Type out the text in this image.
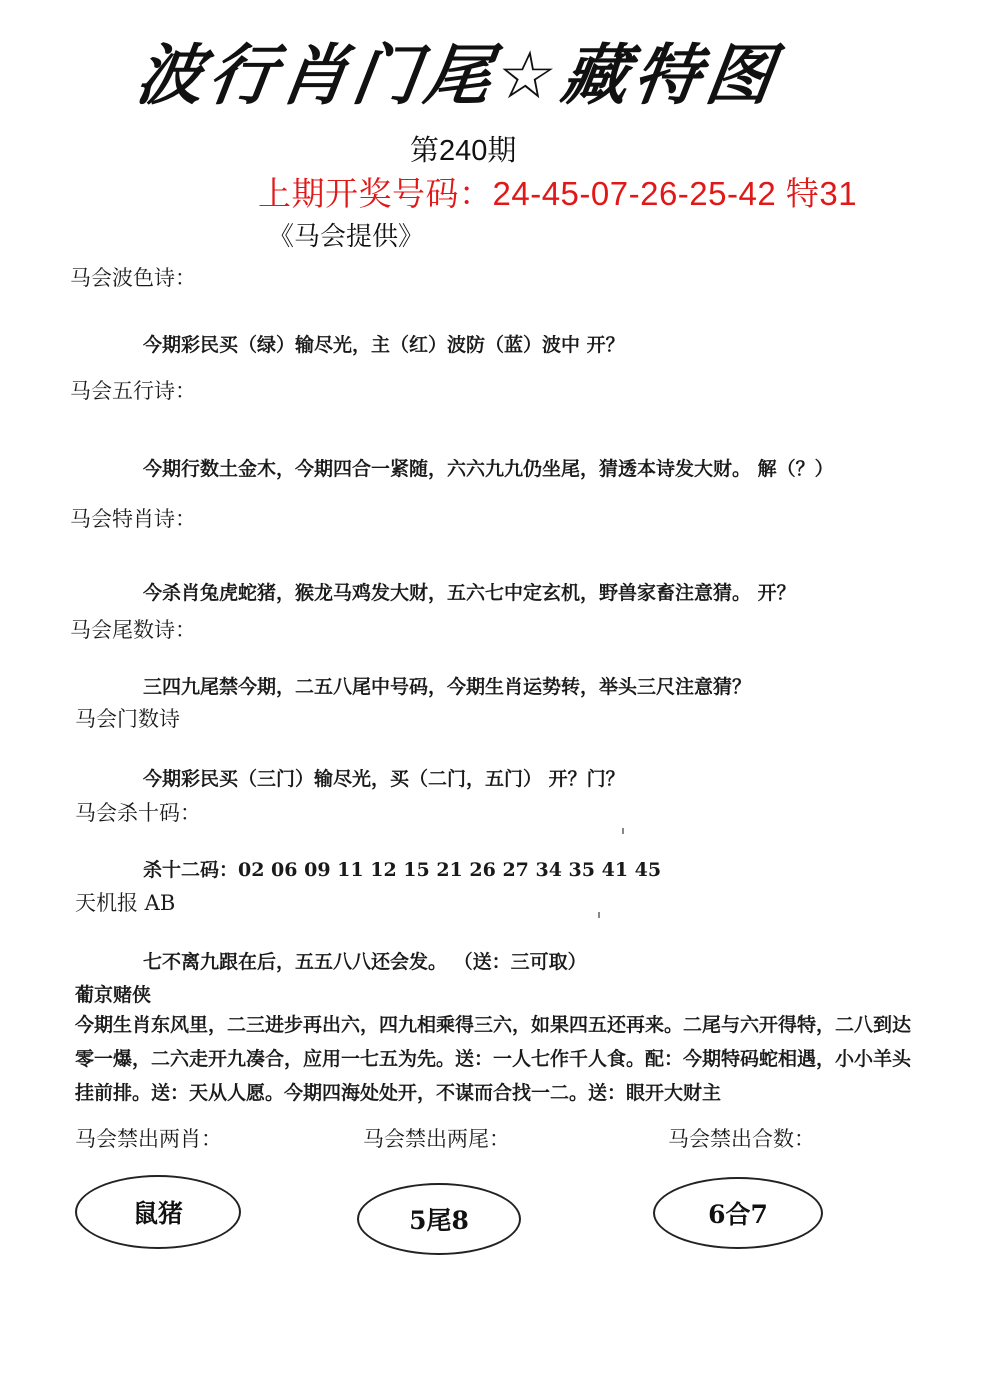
波行肖门尾☆藏特图
第240期
上期开奖号码：24-45-07-26-25-42 特31
《马会提供》
马会波色诗：
今期彩民买（绿）输尽光，主（红）波防（蓝）波中 开？
马会五行诗：
今期行数土金木，今期四合一紧随，六六九九仍坐尾，猜透本诗发大财。 解（？）
马会特肖诗：
今杀肖兔虎蛇猪，猴龙马鸡发大财，五六七中定玄机，野兽家畜注意猜。 开？
马会尾数诗：
三四九尾禁今期，二五八尾中号码，今期生肖运势转，举头三尺注意猜？
马会门数诗
今期彩民买（三门）输尽光，买（二门，五门） 开？门？
马会杀十码：
杀十二码：02 06 09 11 12 15 21 26 27 34 35 41 45
天机报 AB
七不离九跟在后，五五八八还会发。 （送：三可取）
葡京赌侠
今期生肖东风里，二三进步再出六，四九相乘得三六，如果四五还再来。二尾与六开得特，二八到达零一爆，二六走开九凑合，应用一七五为先。送：一人七作千人食。配：今期特码蛇相遇，小小羊头挂前排。送：天从人愿。今期四海处处开，不谋而合找一二。送：眼开大财主
马会禁出两肖：	马会禁出两尾：	马会禁出合数：
鼠猪	5尾8	6合7
